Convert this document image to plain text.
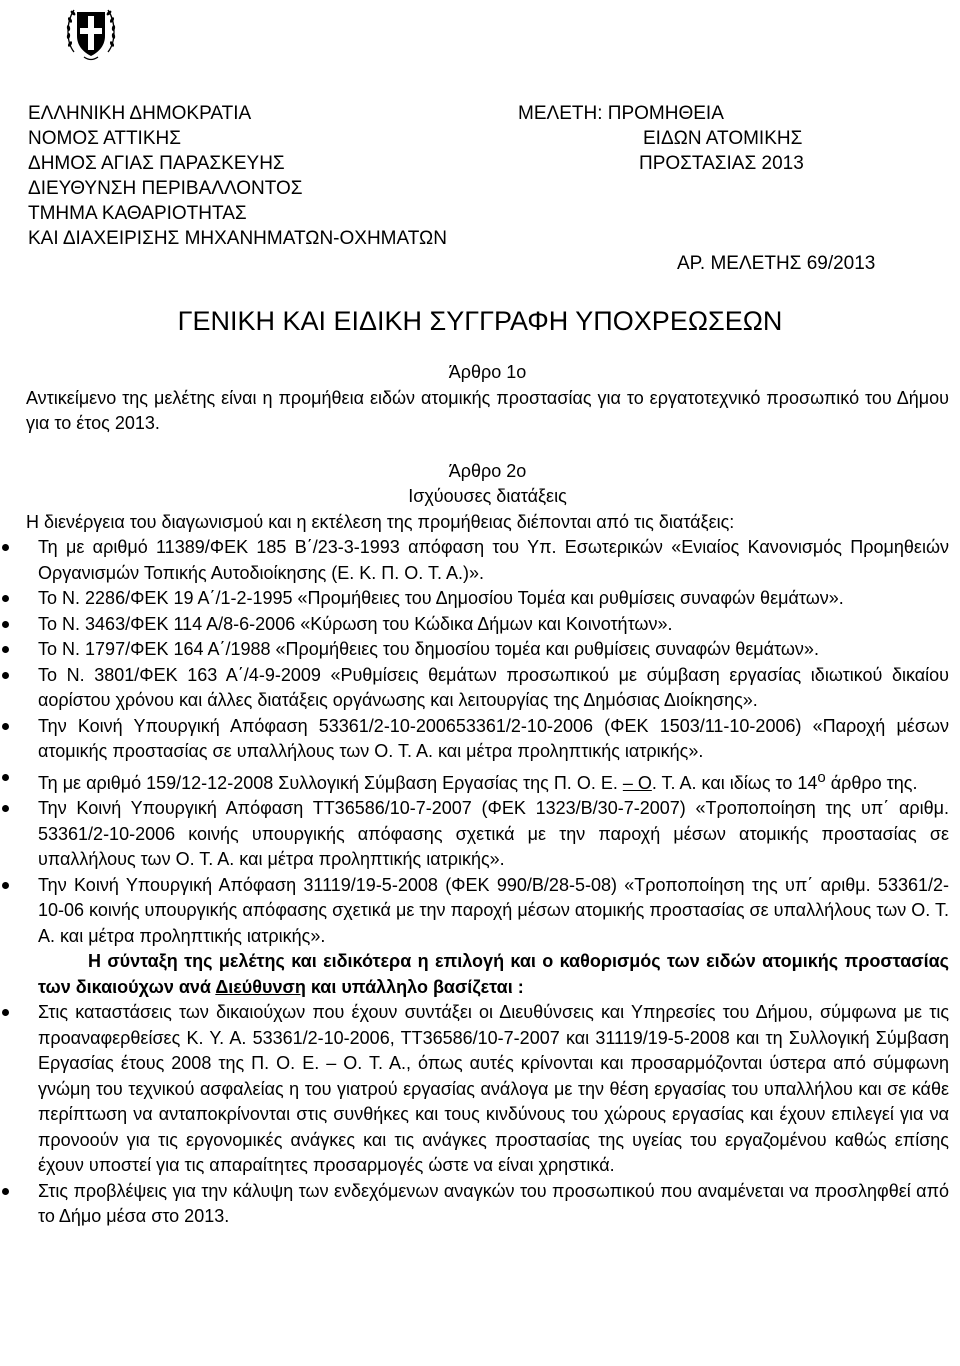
ΕΛΛΗΝΙΚΗ ΔΗΜΟΚΡΑΤΙΑ
ΝΟΜΟΣ ΑΤΤΙΚΗΣ
ΔΗΜΟΣ ΑΓΙΑΣ ΠΑΡΑΣΚΕΥΗΣ
ΔΙΕΥΘΥΝΣΗ ΠΕΡΙΒΑΛΛΟΝΤΟΣ
ΤΜΗΜΑ ΚΑΘΑΡΙΟΤΗΤΑΣ
ΚΑΙ ΔΙΑΧΕΙΡΙΣΗΣ ΜΗΧΑΝΗΜΑΤΩΝ-ΟΧΗΜΑΤΩΝ
ΜΕΛΕΤΗ: ΠΡΟΜΗΘΕΙΑ
ΕΙΔΩΝ ΑΤΟΜΙΚΗΣ
ΠΡΟΣΤΑΣΙΑΣ 2013
ΑΡ. ΜΕΛΕΤΗΣ 69/2013
ΓΕΝΙΚΗ ΚΑΙ ΕΙΔΙΚΗ ΣΥΓΓΡΑΦΗ ΥΠΟΧΡΕΩΣΕΩΝ

Άρθρο 1ο

Αντικείμενο της μελέτης είναι η προμήθεια ειδών ατομικής προστασίας για το εργατοτεχνικό προσωπικό του Δήμου για το έτος 2013.

Άρθρο 2ο

Ισχύουσες διατάξεις

Η διενέργεια του διαγωνισμού και η εκτέλεση της προμήθειας διέπονται από τις διατάξεις:

Τη με αριθμό 11389/ΦΕΚ 185 Β΄/23-3-1993 απόφαση του Υπ. Εσωτερικών «Ενιαίος Κανονισμός Προμηθειών Οργανισμών Τοπικής Αυτοδιοίκησης (Ε. Κ. Π. Ο. Τ. Α.)».
Το Ν. 2286/ΦΕΚ 19 Α΄/1-2-1995 «Προμήθειες του Δημοσίου Τομέα και ρυθμίσεις συναφών θεμάτων».
Το Ν. 3463/ΦΕΚ 114 Α/8-6-2006 «Κύρωση του Κώδικα Δήμων και Κοινοτήτων».
Το Ν. 1797/ΦΕΚ 164 Α΄/1988 «Προμήθειες του δημοσίου τομέα και ρυθμίσεις συναφών θεμάτων».
Το Ν. 3801/ΦΕΚ 163 Α΄/4-9-2009 «Ρυθμίσεις θεμάτων προσωπικού με σύμβαση εργασίας ιδιωτικού δικαίου αορίστου χρόνου και άλλες διατάξεις οργάνωσης και λειτουργίας της Δημόσιας Διοίκησης».
Την Κοινή Υπουργική Απόφαση 53361/2-10-200653361/2-10-2006 (ΦΕΚ 1503/11-10-2006) «Παροχή μέσων ατομικής προστασίας σε υπαλλήλους των Ο. Τ. Α. και μέτρα προληπτικής ιατρικής».
Τη με αριθμό 159/12-12-2008 Συλλογική Σύμβαση Εργασίας της Π. Ο. Ε. – Ο. Τ. Α. και ιδίως το $14^o$ άρθρο της.
Την Κοινή Υπουργική Απόφαση ΤΤ36586/10-7-2007 (ΦΕΚ 1323/Β/30-7-2007) «Τροποποίηση της υπ΄ αριθμ. 53361/2-10-2006 κοινής υπουργικής απόφασης σχετικά με την παροχή μέσων ατομικής προστασίας σε υπαλλήλους των Ο. Τ. Α. και μέτρα προληπτικής ιατρικής».
Την Κοινή Υπουργική Απόφαση 31119/19-5-2008 (ΦΕΚ 990/Β/28-5-08) «Τροποποίηση της υπ΄ αριθμ. 53361/2-10-06 κοινής υπουργικής απόφασης σχετικά με την παροχή μέσων ατομικής προστασίας σε υπαλλήλους των Ο. Τ. Α. και μέτρα προληπτικής ιατρικής».

Η σύνταξη της μελέτης και ειδικότερα η επιλογή και ο καθορισμός των ειδών ατομικής προστασίας των δικαιούχων ανά Διεύθυνση και υπάλληλο βασίζεται :

Στις καταστάσεις των δικαιούχων που έχουν συντάξει οι Διευθύνσεις και Υπηρεσίες του Δήμου, σύμφωνα με τις προαναφερθείσες Κ. Υ. Α. 53361/2-10-2006, ΤΤ36586/10-7-2007 και 31119/19-5-2008 και τη Συλλογική Σύμβαση Εργασίας έτους 2008 της Π. Ο. Ε. – Ο. Τ. Α., όπως αυτές κρίνονται και προσαρμόζονται ύστερα από σύμφωνη γνώμη του τεχνικού ασφαλείας η του γιατρού εργασίας ανάλογα με την θέση εργασίας του υπαλλήλου και σε κάθε περίπτωση να ανταποκρίνονται στις συνθήκες και τους κινδύνους του χώρους εργασίας και έχουν επιλεγεί για να προνοούν για τις εργονομικές ανάγκες και τις ανάγκες προστασίας της υγείας του εργαζομένου καθώς επίσης έχουν υποστεί για τις απαραίτητες προσαρμογές ώστε να είναι χρηστικά.
Στις προβλέψεις για την κάλυψη των ενδεχόμενων αναγκών του προσωπικού που αναμένεται να προσληφθεί από το Δήμο μέσα στο 2013.
